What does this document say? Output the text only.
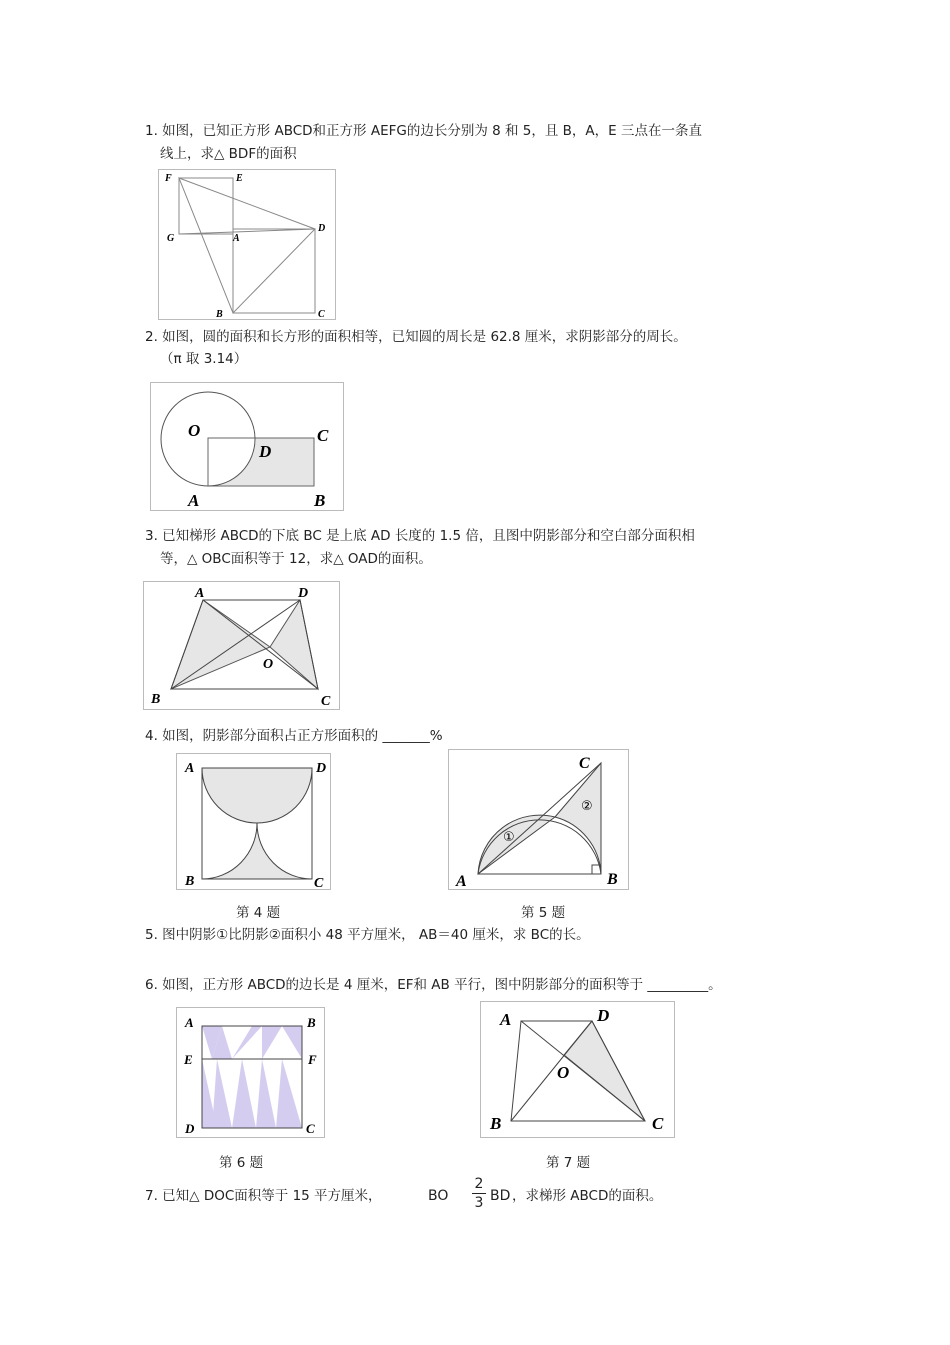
1. 如图，已知正方形 ABCD和正方形 AEFG的边长分别为 8 和 5，且 B，A，E 三点在一条直
线上，求△ BDF的面积
F	E
G	A
D
B	C
2. 如图，圆的面积和长方形的面积相等，已知圆的周长是 62.8 厘米，求阴影部分的周长。
（π 取 3.14）
O
D
C
A	B
3. 已知梯形 ABCD的下底 BC 是上底 AD 长度的 1.5 倍，且图中阴影部分和空白部分面积相
等，△ OBC面积等于 12，求△ OAD的面积。
A	D
O
B	C
4. 如图，阴影部分面积占正方形面积的 _______%
A	D
B	C
第 4 题
C
A	B
①
②
第 5 题
5. 图中阴影①比阴影②面积小 48 平方厘米， AB＝40 厘米，求 BC的长。
6. 如图，正方形 ABCD的边长是 4 厘米，EF和 AB 平行，图中阴影部分的面积等于 _________。
A	B
E	F
D	C
第 6 题
A	D
O
B	C
第 7 题
7. 已知△ DOC面积等于 15 平方厘米，	BO
2
3 BD ，求梯形 ABCD的面积。
